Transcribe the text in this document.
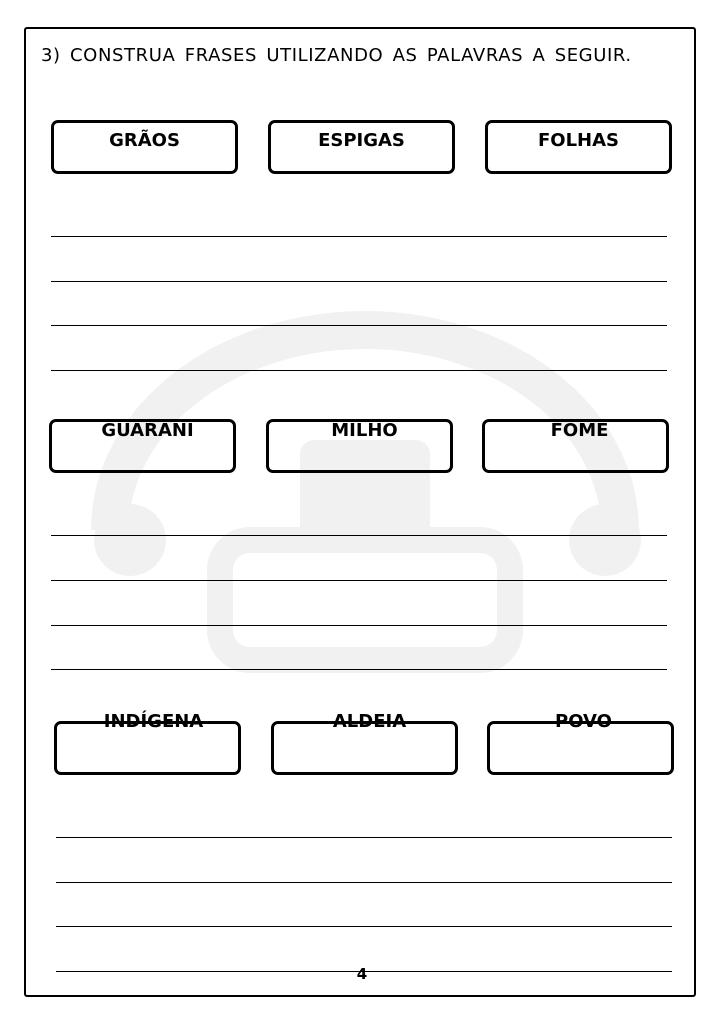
3) CONSTRUA FRASES UTILIZANDO AS PALAVRAS A SEGUIR.
GRÃOS	ESPIGAS	FOLHAS
GUARANI	MILHO	FOME
INDÍGENA	ALDEIA	POVO
4
